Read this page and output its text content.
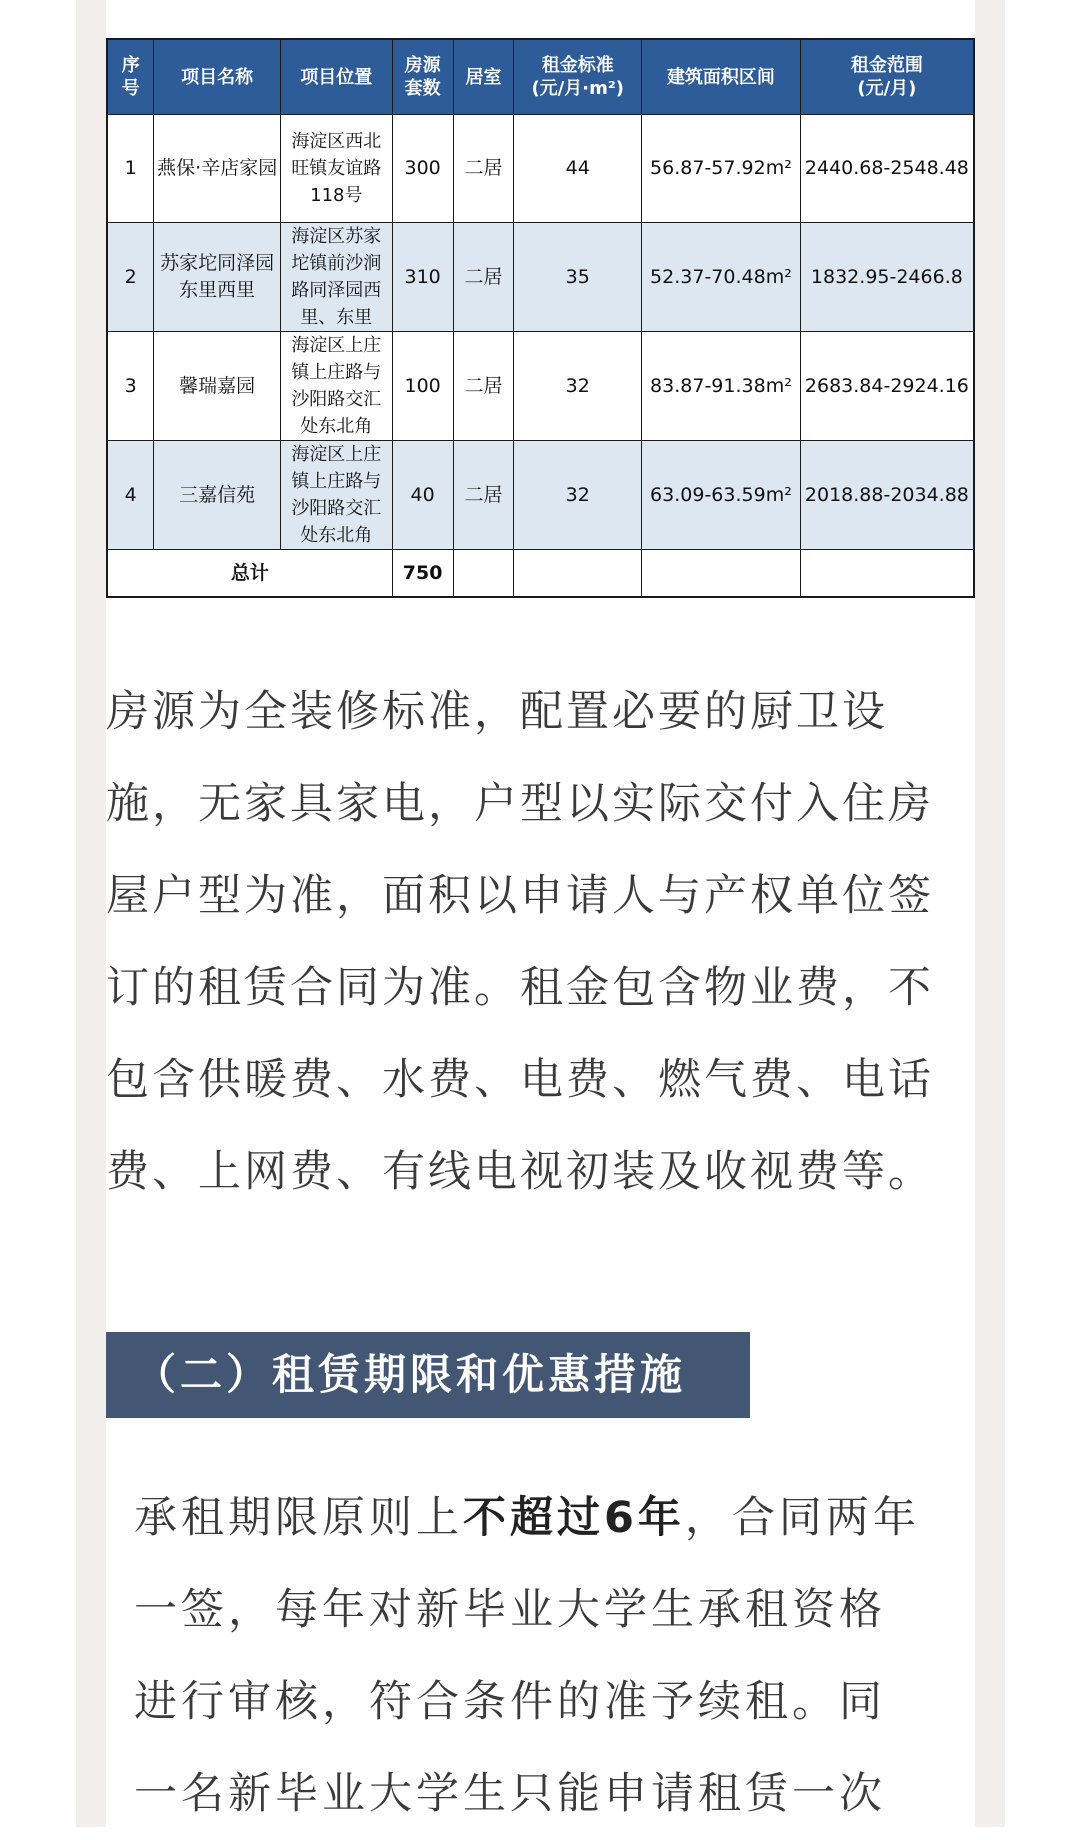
序
号	项目名称	项目位置	房源
套数	居室	租金标准
(元/月·m²)	建筑面积区间	租金范围
(元/月)
1	燕保·辛店家园	海淀区西北
旺镇友谊路
118号	300	二居	44	56.87-57.92m²	2440.68-2548.48
2	苏家坨同泽园
东里西里	海淀区苏家
坨镇前沙涧
路同泽园西
里、东里	310	二居	35	52.37-70.48m²	1832.95-2466.8
3	馨瑞嘉园	海淀区上庄
镇上庄路与
沙阳路交汇
处东北角	100	二居	32	83.87-91.38m²	2683.84-2924.16
4	三嘉信苑	海淀区上庄
镇上庄路与
沙阳路交汇
处东北角	40	二居	32	63.09-63.59m²	2018.88-2034.88
总计			750				
房源为全装修标准，配置必要的厨卫设
施，无家具家电，户型以实际交付入住房
屋户型为准，面积以申请人与产权单位签
订的租赁合同为准。租金包含物业费，不
包含供暖费、水费、电费、燃气费、电话
费、上网费、有线电视初装及收视费等。
（二）租赁期限和优惠措施
承租期限原则上不超过6年，合同两年
一签，每年对新毕业大学生承租资格
进行审核，符合条件的准予续租。同
一名新毕业大学生只能申请租赁一次
